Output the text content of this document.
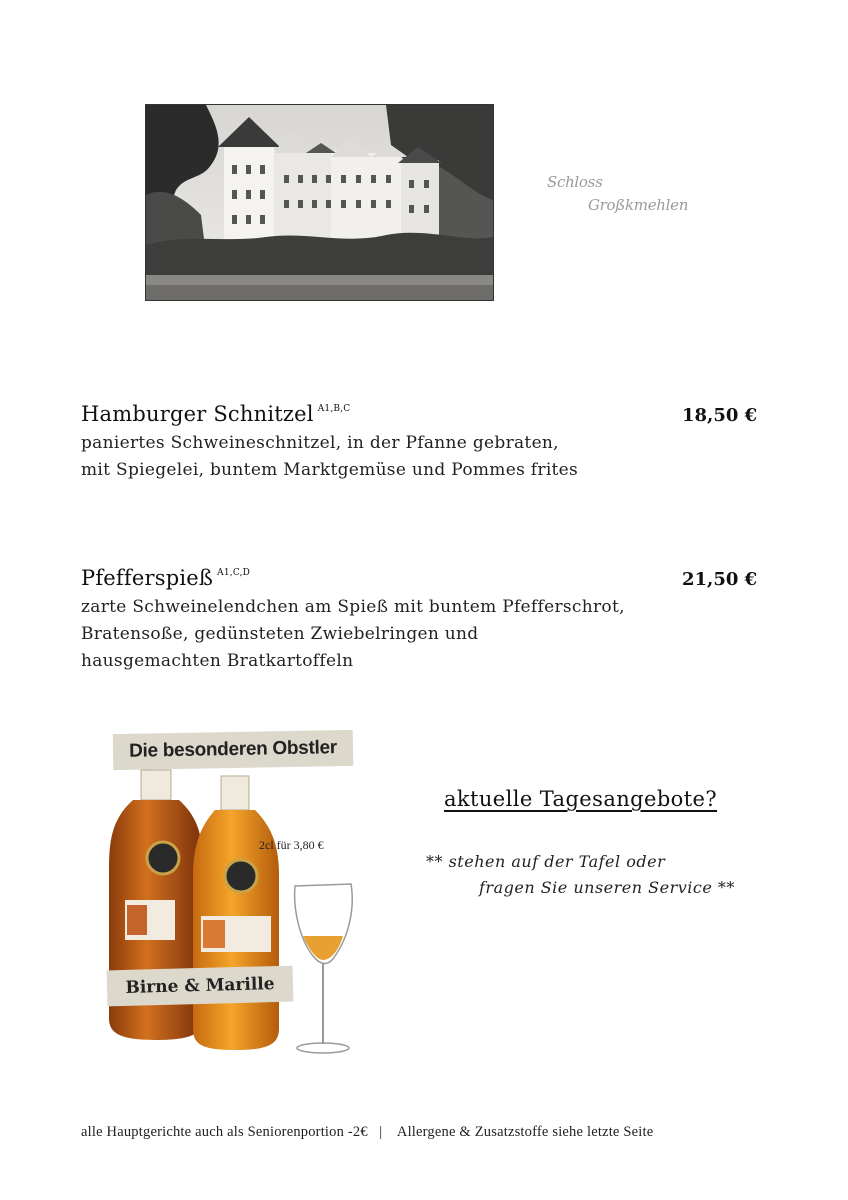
Schloss
Großkmehlen
Hamburger Schnitzel $^{A1,B,C}$	18,50 €
paniertes Schweineschnitzel, in der Pfanne gebraten,
mit Spiegelei, buntem Marktgemüse und Pommes frites
Pfefferspieß $^{A1,C,D}$	21,50 €
zarte Schweinelendchen am Spieß mit buntem Pfefferschrot,
Bratensoße, gedünsteten Zwiebelringen und
hausgemachten Bratkartoffeln
Die besonderen Obstler
2cl für 3,80 €
Birne & Marille
aktuelle Tagesangebote?
** stehen auf der Tafel oder
fragen Sie unseren Service **
alle Hauptgerichte auch als Seniorenportion -2€   |    Allergene & Zusatzstoffe siehe letzte Seite
